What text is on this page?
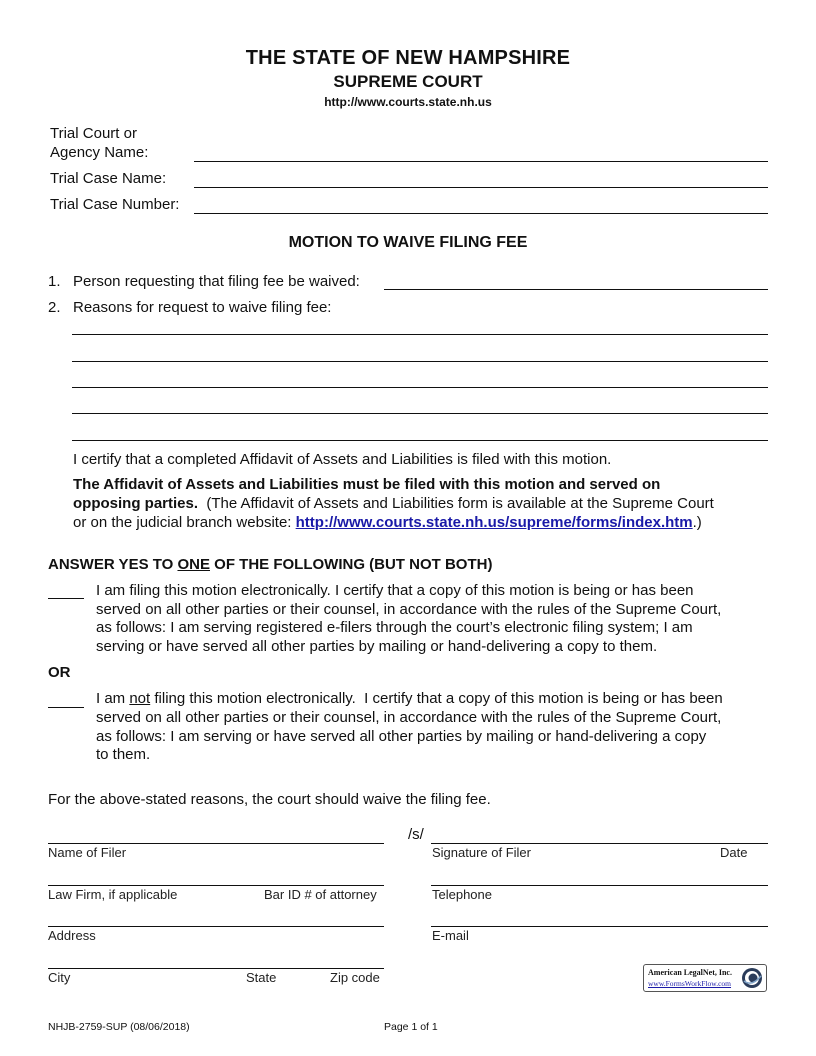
THE STATE OF NEW HAMPSHIRE
SUPREME COURT
http://www.courts.state.nh.us
Trial Court or
Agency Name:
Trial Case Name:
Trial Case Number:
MOTION TO WAIVE FILING FEE
1. Person requesting that filing fee be waived:
2. Reasons for request to waive filing fee:
I certify that a completed Affidavit of Assets and Liabilities is filed with this motion.
The Affidavit of Assets and Liabilities must be filed with this motion and served on
opposing parties.  (The Affidavit of Assets and Liabilities form is available at the Supreme Court
or on the judicial branch website: http://www.courts.state.nh.us/supreme/forms/index.htm.)
ANSWER YES TO ONE OF THE FOLLOWING (BUT NOT BOTH)
I am filing this motion electronically. I certify that a copy of this motion is being or has been
served on all other parties or their counsel, in accordance with the rules of the Supreme Court,
as follows: I am serving registered e-filers through the court’s electronic filing system; I am
serving or have served all other parties by mailing or hand-delivering a copy to them.
OR
I am not filing this motion electronically.  I certify that a copy of this motion is being or has been
served on all other parties or their counsel, in accordance with the rules of the Supreme Court,
as follows: I am serving or have served all other parties by mailing or hand-delivering a copy
to them.
For the above-stated reasons, the court should waive the filing fee.
/s/
Name of Filer	Signature of Filer	Date
Law Firm, if applicable	Bar ID # of attorney	Telephone
Address	E-mail
City	State	Zip code	American LegalNet, Inc.
www.FormsWorkFlow.com
NHJB-2759-SUP (08/06/2018)	Page 1 of 1
